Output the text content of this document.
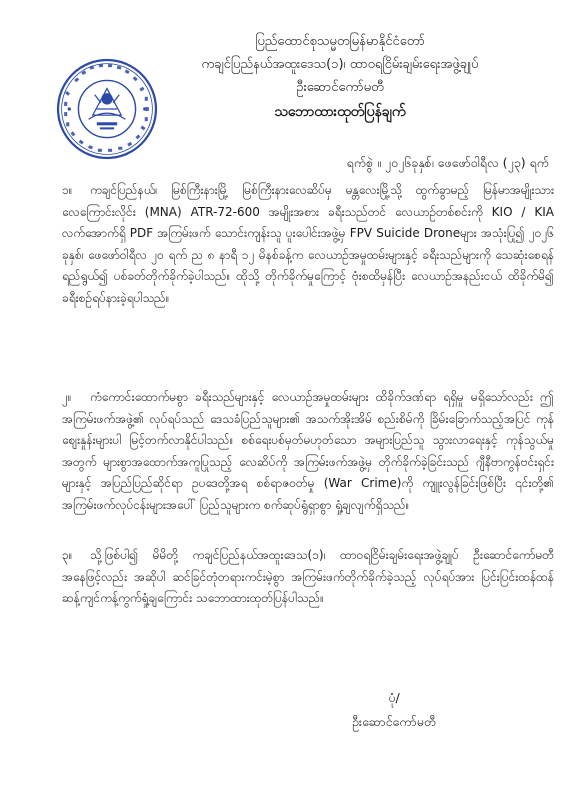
ပြည်ထောင်စုသမ္မတမြန်မာနိုင်ငံတော်
ကချင်ပြည်နယ်အထူးဒေသ(၁)၊ ထာဝရငြိမ်းချမ်းရေးအဖွဲ့ချုပ်
ဦးဆောင်ကော်မတီ
သဘောထားထုတ်ပြန်ချက်
ရက်စွဲ ။ ၂၀၂၆ခုနှစ်၊ ဖေဖော်ဝါရီလ (၂၃) ရက်
၁။ ကချင်ပြည်နယ်၊ မြစ်ကြီးနားမြို့ မြစ်ကြီးနားလေဆိပ်မှ မန္တလေးမြို့သို့ ထွက်ခွာမည့် မြန်မာအမျိုးသား လေကြောင်းလိုင်း (MNA) ATR-72-600 အမျိုးအစား ခရီးသည်တင် လေယာဉ်တစ်စင်းကို KIO / KIA လက်အောက်ရှိ PDF အကြမ်းဖက် သောင်းကျန်းသူ ပူးပေါင်းအဖွဲ့မှ FPV Suicide Droneများ အသုံးပြု၍ ၂၀၂၆ ခုနှစ်၊ ဖေဖော်ဝါရီလ ၂၀ ရက် ည ၈ နာရီ ၁၂ မိနစ်ခန့်က လေယာဉ်အမှုထမ်းများနှင့် ခရီးသည်များကို သေဆုံးစေရန် ရည်ရွယ်၍ ပစ်ခတ်တိုက်ခိုက်ခဲ့ပါသည်။ ထိုသို့ တိုက်ခိုက်မှုကြောင့် ဗုံးစထိမှန်ပြီး လေယာဉ်အနည်းငယ် ထိခိုက်မိ၍ ခရီးစဉ်ရပ်နားခဲ့ရပါသည်။
၂။ ကံကောင်းထောက်မစွာ ခရီးသည်များနှင့် လေယာဉ်အမှုထမ်းများ ထိခိုက်ဒဏ်ရာ ရရှိမှု မရှိသော်လည်း ဤအကြမ်းဖက်အဖွဲ့၏ လုပ်ရပ်သည် ဒေသခံပြည်သူများ၏ အသက်အိုးအိမ် စည်းစိမ်ကို ခြိမ်းခြောက်သည့်အပြင် ကုန်စျေးနှုန်းများပါ မြင့်တက်လာနိုင်ပါသည်။ စစ်ရေးပစ်မှတ်မဟုတ်သော အများပြည်သူ သွားလာရေးနှင့် ကုန်သွယ်မှုအတွက် များစွာအထောက်အကူပြုသည့် လေဆိပ်ကို အကြမ်းဖက်အဖွဲ့မှ တိုက်ခိုက်ခဲ့ခြင်းသည် ဂျီနီဗာကွန်ဗင်းရှင်းများနှင့် အပြည်ပြည်ဆိုင်ရာ ဥပဒေတို့အရ စစ်ရာဇဝတ်မှု (War Crime)ကို ကျူးလွန်ခြင်းဖြစ်ပြီး ၎င်းတို့၏ အကြမ်းဖက်လုပ်ငန်းများအပေါ် ပြည်သူများက စက်ဆုပ်ရွံရှာစွာ ရှုံ့ချလျက်ရှိသည်။
၃။ သို့ဖြစ်ပါ၍ မိမိတို့ ကချင်ပြည်နယ်အထူးဒေသ(၁)၊ ထာဝရငြိမ်းချမ်းရေးအဖွဲ့ချုပ် ဦးဆောင်ကော်မတီ အနေဖြင့်လည်း အဆိုပါ ဆင်ခြင်တုံတရားကင်းမဲ့စွာ အကြမ်းဖက်တိုက်ခိုက်ခဲ့သည့် လုပ်ရပ်အား ပြင်းပြင်းထန်ထန် ဆန့်ကျင်ကန့်ကွက်ရှုံ့ချကြောင်း သဘောထားထုတ်ပြန်ပါသည်။
ပုံ/
ဦးဆောင်ကော်မတီ
